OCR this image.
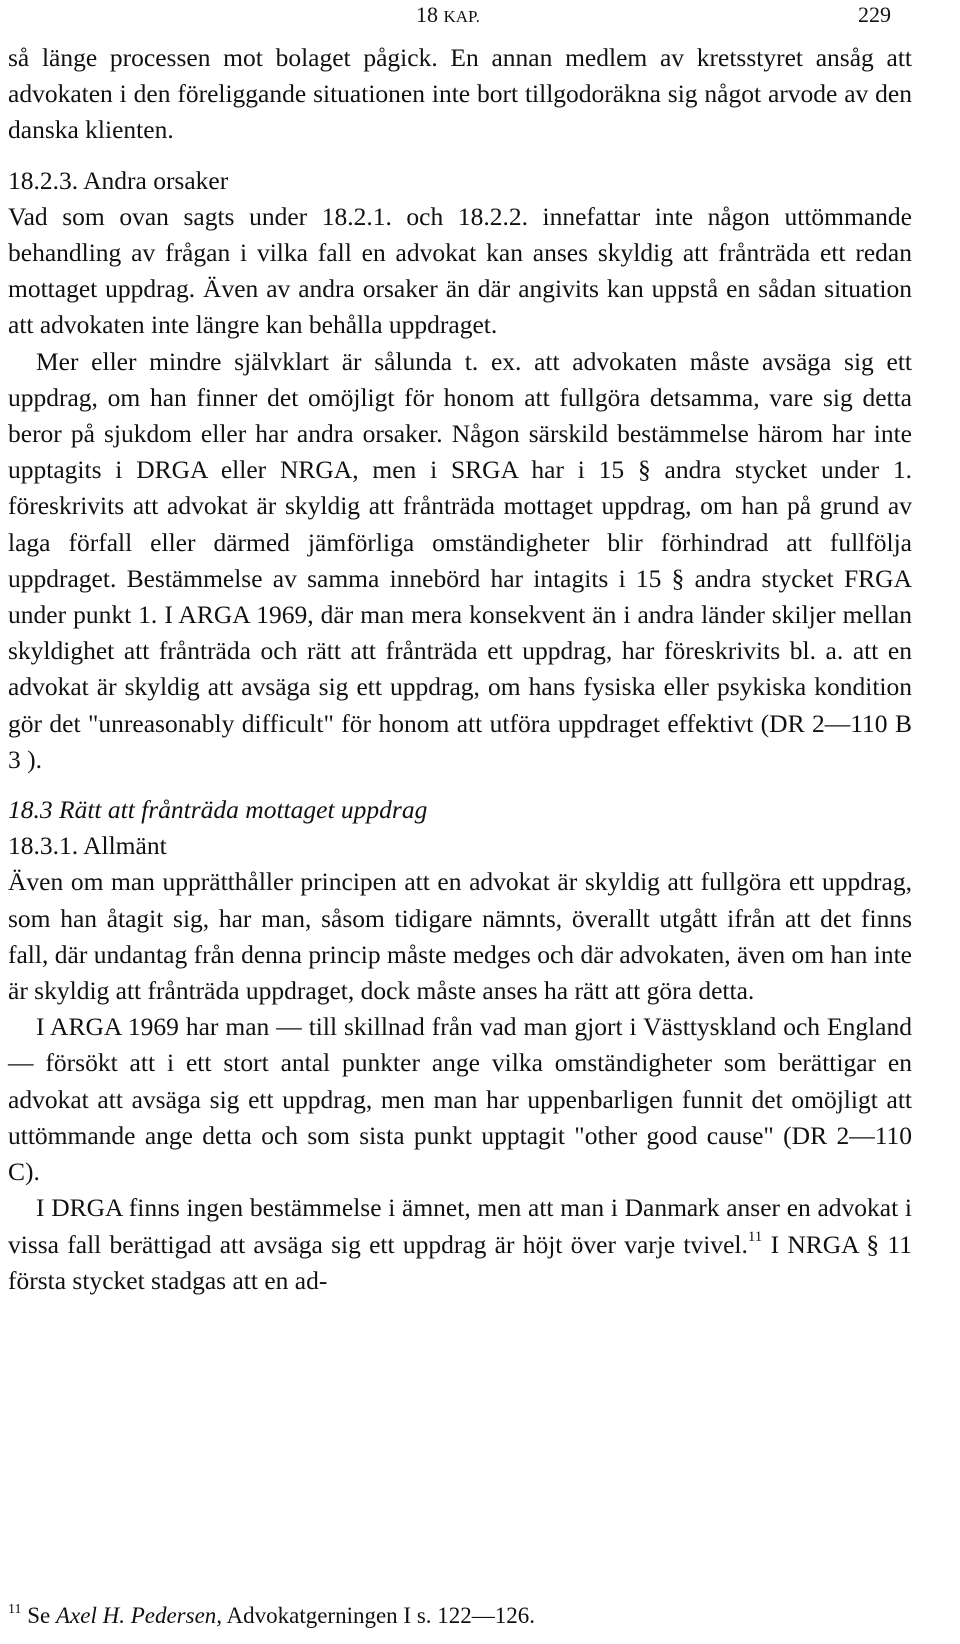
18 KAP.	229

så länge processen mot bolaget pågick. En annan medlem av kretsstyret ansåg att advokaten i den föreliggande situationen inte bort tillgodoräkna sig något arvode av den danska klienten.

18.2.3. Andra orsaker

Vad som ovan sagts under 18.2.1. och 18.2.2. innefattar inte någon uttömmande behandling av frågan i vilka fall en advokat kan anses skyldig att frånträda ett redan mottaget uppdrag. Även av andra orsaker än där angivits kan uppstå en sådan situation att advokaten inte längre kan behålla uppdraget.

Mer eller mindre självklart är sålunda t. ex. att advokaten måste avsäga sig ett uppdrag, om han finner det omöjligt för honom att fullgöra detsamma, vare sig detta beror på sjukdom eller har andra orsaker. Någon särskild bestämmelse härom har inte upptagits i DRGA eller NRGA, men i SRGA har i 15 § andra stycket under 1. föreskrivits att advokat är skyldig att frånträda mottaget uppdrag, om han på grund av laga förfall eller därmed jämförliga omständigheter blir förhindrad att fullfölja uppdraget. Bestämmelse av samma innebörd har intagits i 15 § andra stycket FRGA under punkt 1. I ARGA 1969, där man mera konsekvent än i andra länder skiljer mellan skyldighet att frånträda och rätt att frånträda ett uppdrag, har föreskrivits bl. a. att en advokat är skyldig att avsäga sig ett uppdrag, om hans fysiska eller psykiska kondition gör det "unreasonably difficult" för honom att utföra uppdraget effektivt (DR 2—110 B 3 ).

18.3 Rätt att frånträda mottaget uppdrag

18.3.1. Allmänt

Även om man upprätthåller principen att en advokat är skyldig att fullgöra ett uppdrag, som han åtagit sig, har man, såsom tidigare nämnts, överallt utgått ifrån att det finns fall, där undantag från denna princip måste medges och där advokaten, även om han inte är skyldig att frånträda uppdraget, dock måste anses ha rätt att göra detta.

I ARGA 1969 har man — till skillnad från vad man gjort i Västtyskland och England — försökt att i ett stort antal punkter ange vilka omständigheter som berättigar en advokat att avsäga sig ett uppdrag, men man har uppenbarligen funnit det omöjligt att uttömmande ange detta och som sista punkt upptagit "other good cause" (DR 2—110 C).

I DRGA finns ingen bestämmelse i ämnet, men att man i Danmark anser en advokat i vissa fall berättigad att avsäga sig ett uppdrag är höjt över varje tvivel.$^{11}$ I NRGA § 11 första stycket stadgas att en ad-

$^{11}$ Se Axel H. Pedersen, Advokatgerningen I s. 122—126.
